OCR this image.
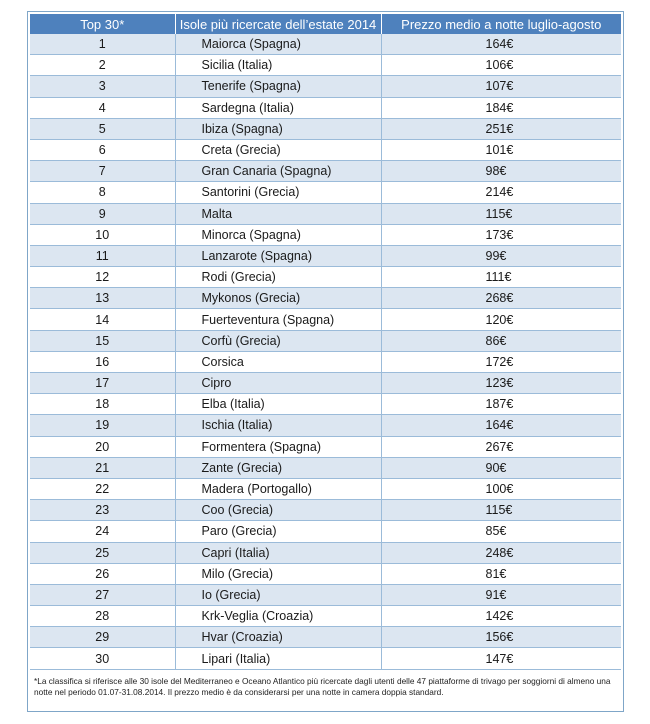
Top 30*	Isole più ricercate dell’estate 2014	Prezzo medio a notte luglio-agosto
1	Maiorca (Spagna)	164€
2	Sicilia (Italia)	106€
3	Tenerife (Spagna)	107€
4	Sardegna (Italia)	184€
5	Ibiza (Spagna)	251€
6	Creta (Grecia)	101€
7	Gran Canaria (Spagna)	98€
8	Santorini (Grecia)	214€
9	Malta	115€
10	Minorca (Spagna)	173€
11	Lanzarote (Spagna)	99€
12	Rodi (Grecia)	111€
13	Mykonos (Grecia)	268€
14	Fuerteventura (Spagna)	120€
15	Corfù (Grecia)	86€
16	Corsica	172€
17	Cipro	123€
18	Elba (Italia)	187€
19	Ischia (Italia)	164€
20	Formentera (Spagna)	267€
21	Zante (Grecia)	90€
22	Madera (Portogallo)	100€
23	Coo (Grecia)	115€
24	Paro (Grecia)	85€
25	Capri (Italia)	248€
26	Milo (Grecia)	81€
27	Io (Grecia)	91€
28	Krk-Veglia (Croazia)	142€
29	Hvar (Croazia)	156€
30	Lipari (Italia)	147€
*La classifica si riferisce alle 30 isole del Mediterraneo e Oceano Atlantico più ricercate dagli utenti delle 47 piattaforme di trivago per soggiorni di almeno una notte nel periodo 01.07-31.08.2014. Il prezzo medio è da considerarsi per una notte in camera doppia standard.
